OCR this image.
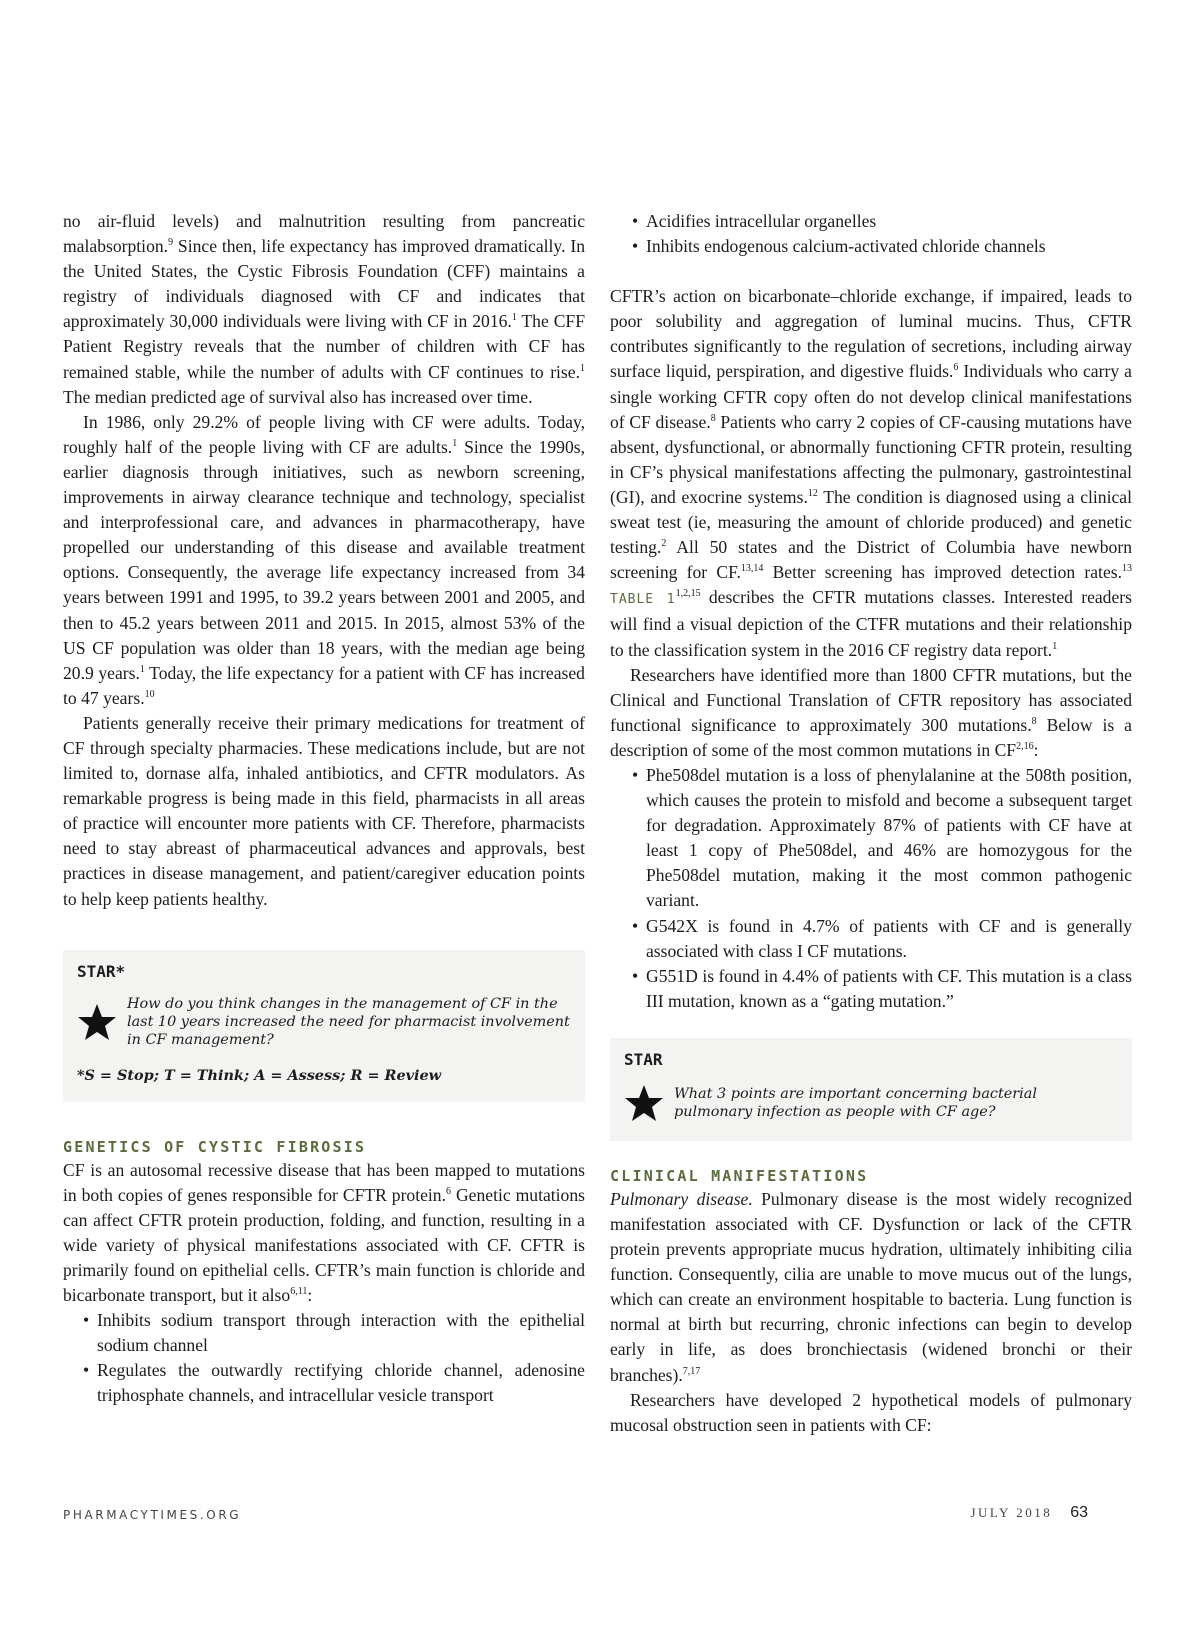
no air-fluid levels) and malnutrition resulting from pancreatic malabsorption.$^9$ Since then, life expectancy has improved dramatically. In the United States, the Cystic Fibrosis Foundation (CFF) maintains a registry of individuals diagnosed with CF and indicates that approximately 30,000 individuals were living with CF in 2016.$^1$ The CFF Patient Registry reveals that the number of children with CF has remained stable, while the number of adults with CF continues to rise.$^1$ The median predicted age of survival also has increased over time.

In 1986, only 29.2% of people living with CF were adults. Today, roughly half of the people living with CF are adults.$^1$ Since the 1990s, earlier diagnosis through initiatives, such as newborn screening, improvements in airway clearance technique and technology, specialist and interprofessional care, and advances in pharmacotherapy, have propelled our understanding of this disease and available treatment options. Consequently, the average life expectancy increased from 34 years between 1991 and 1995, to 39.2 years between 2001 and 2005, and then to 45.2 years between 2011 and 2015. In 2015, almost 53% of the US CF population was older than 18 years, with the median age being 20.9 years.$^1$ Today, the life expectancy for a patient with CF has increased to 47 years.$^{10}$

Patients generally receive their primary medications for treatment of CF through specialty pharmacies. These medications include, but are not limited to, dornase alfa, inhaled antibiotics, and CFTR modulators. As remarkable progress is being made in this field, pharmacists in all areas of practice will encounter more patients with CF. Therefore, pharmacists need to stay abreast of pharmaceutical advances and approvals, best practices in disease management, and patient/caregiver education points to help keep patients healthy.

STAR*

How do you think changes in the management of CF in the last 10 years increased the need for pharmacist involvement in CF management?

*S = Stop; T = Think; A = Assess; R = Review
GENETICS OF CYSTIC FIBROSIS

CF is an autosomal recessive disease that has been mapped to mutations in both copies of genes responsible for CFTR protein.$^6$ Genetic mutations can affect CFTR protein production, folding, and function, resulting in a wide variety of physical manifestations associated with CF. CFTR is primarily found on epithelial cells. CFTR’s main function is chloride and bicarbonate transport, but it also$^{6,11}$:

• Inhibits sodium transport through interaction with the epithelial sodium channel
• Regulates the outwardly rectifying chloride channel, adenosine triphosphate channels, and intracellular vesicle transport
• Acidifies intracellular organelles
• Inhibits endogenous calcium-activated chloride channels

CFTR’s action on bicarbonate–chloride exchange, if impaired, leads to poor solubility and aggregation of luminal mucins. Thus, CFTR contributes significantly to the regulation of secretions, including airway surface liquid, perspiration, and digestive fluids.$^6$ Individuals who carry a single working CFTR copy often do not develop clinical manifestations of CF disease.$^8$ Patients who carry 2 copies of CF-causing mutations have absent, dysfunctional, or abnormally functioning CFTR protein, resulting in CF’s physical manifestations affecting the pulmonary, gastrointestinal (GI), and exocrine systems.$^{12}$ The condition is diagnosed using a clinical sweat test (ie, measuring the amount of chloride produced) and genetic testing.$^2$ All 50 states and the District of Columbia have newborn screening for CF.$^{13,14}$ Better screening has improved detection rates.$^{13}$ TABLE 1$^{1,2,15}$ describes the CFTR mutations classes. Interested readers will find a visual depiction of the CTFR mutations and their relationship to the classification system in the 2016 CF registry data report.$^1$

Researchers have identified more than 1800 CFTR mutations, but the Clinical and Functional Translation of CFTR repository has associated functional significance to approximately 300 mutations.$^8$ Below is a description of some of the most common mutations in CF$^{2,16}$:

• Phe508del mutation is a loss of phenylalanine at the 508th position, which causes the protein to misfold and become a subsequent target for degradation. Approximately 87% of patients with CF have at least 1 copy of Phe508del, and 46% are homozygous for the Phe508del mutation, making it the most common pathogenic variant.
• G542X is found in 4.7% of patients with CF and is generally associated with class I CF mutations.
• G551D is found in 4.4% of patients with CF. This mutation is a class III mutation, known as a “gating mutation.”
STAR

What 3 points are important concerning bacterial pulmonary infection as people with CF age?

CLINICAL MANIFESTATIONS

Pulmonary disease. Pulmonary disease is the most widely recognized manifestation associated with CF. Dysfunction or lack of the CFTR protein prevents appropriate mucus hydration, ultimately inhibiting cilia function. Consequently, cilia are unable to move mucus out of the lungs, which can create an environment hospitable to bacteria. Lung function is normal at birth but recurring, chronic infections can begin to develop early in life, as does bronchiectasis (widened bronchi or their branches).$^{7,17}$

Researchers have developed 2 hypothetical models of pulmonary mucosal obstruction seen in patients with CF:

PHARMACYTIMES.ORG	JULY 2018 63
